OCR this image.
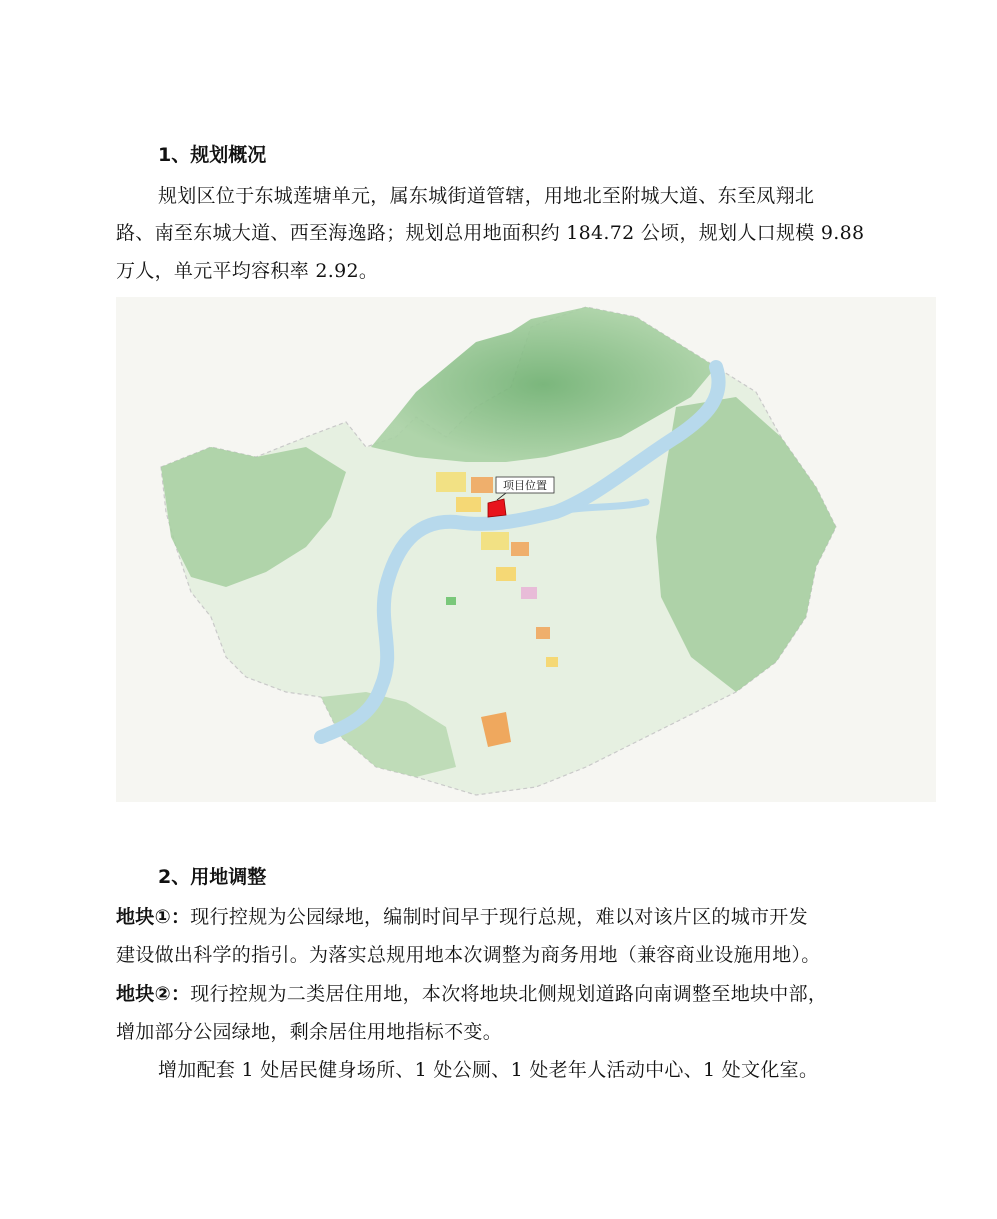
1、规划概况
规划区位于东城莲塘单元，属东城街道管辖，用地北至附城大道、东至凤翔北
路、南至东城大道、西至海逸路；规划总用地面积约 184.72 公顷，规划人口规模 9.88
万人，单元平均容积率 2.92。
项目位置
2、用地调整
地块①：现行控规为公园绿地，编制时间早于现行总规，难以对该片区的城市开发
建设做出科学的指引。为落实总规用地本次调整为商务用地（兼容商业设施用地）。
地块②：现行控规为二类居住用地，本次将地块北侧规划道路向南调整至地块中部，
增加部分公园绿地，剩余居住用地指标不变。
增加配套 1 处居民健身场所、1 处公厕、1 处老年人活动中心、1 处文化室。
